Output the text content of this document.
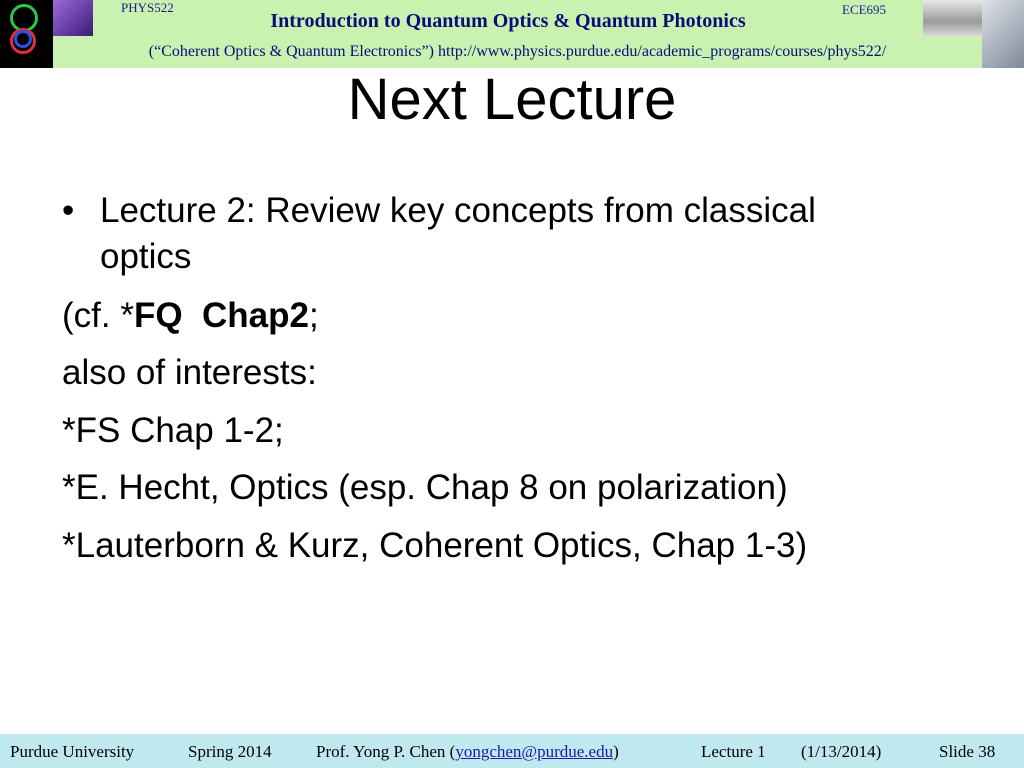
PHYS522	ECE695
Introduction to Quantum Optics & Quantum Photonics
(“Coherent Optics & Quantum Electronics”) http://www.physics.purdue.edu/academic_programs/courses/phys522/
Next Lecture
• Lecture 2: Review key concepts from classical
optics
(cf. *FQ  Chap2;
also of interests:
*FS Chap 1-2;
*E. Hecht, Optics (esp. Chap 8 on polarization)
*Lauterborn & Kurz, Coherent Optics, Chap 1-3)
Purdue University	Spring 2014	Prof. Yong P. Chen (yongchen@purdue.edu)	Lecture 1 (1/13/2014)	Slide 38
